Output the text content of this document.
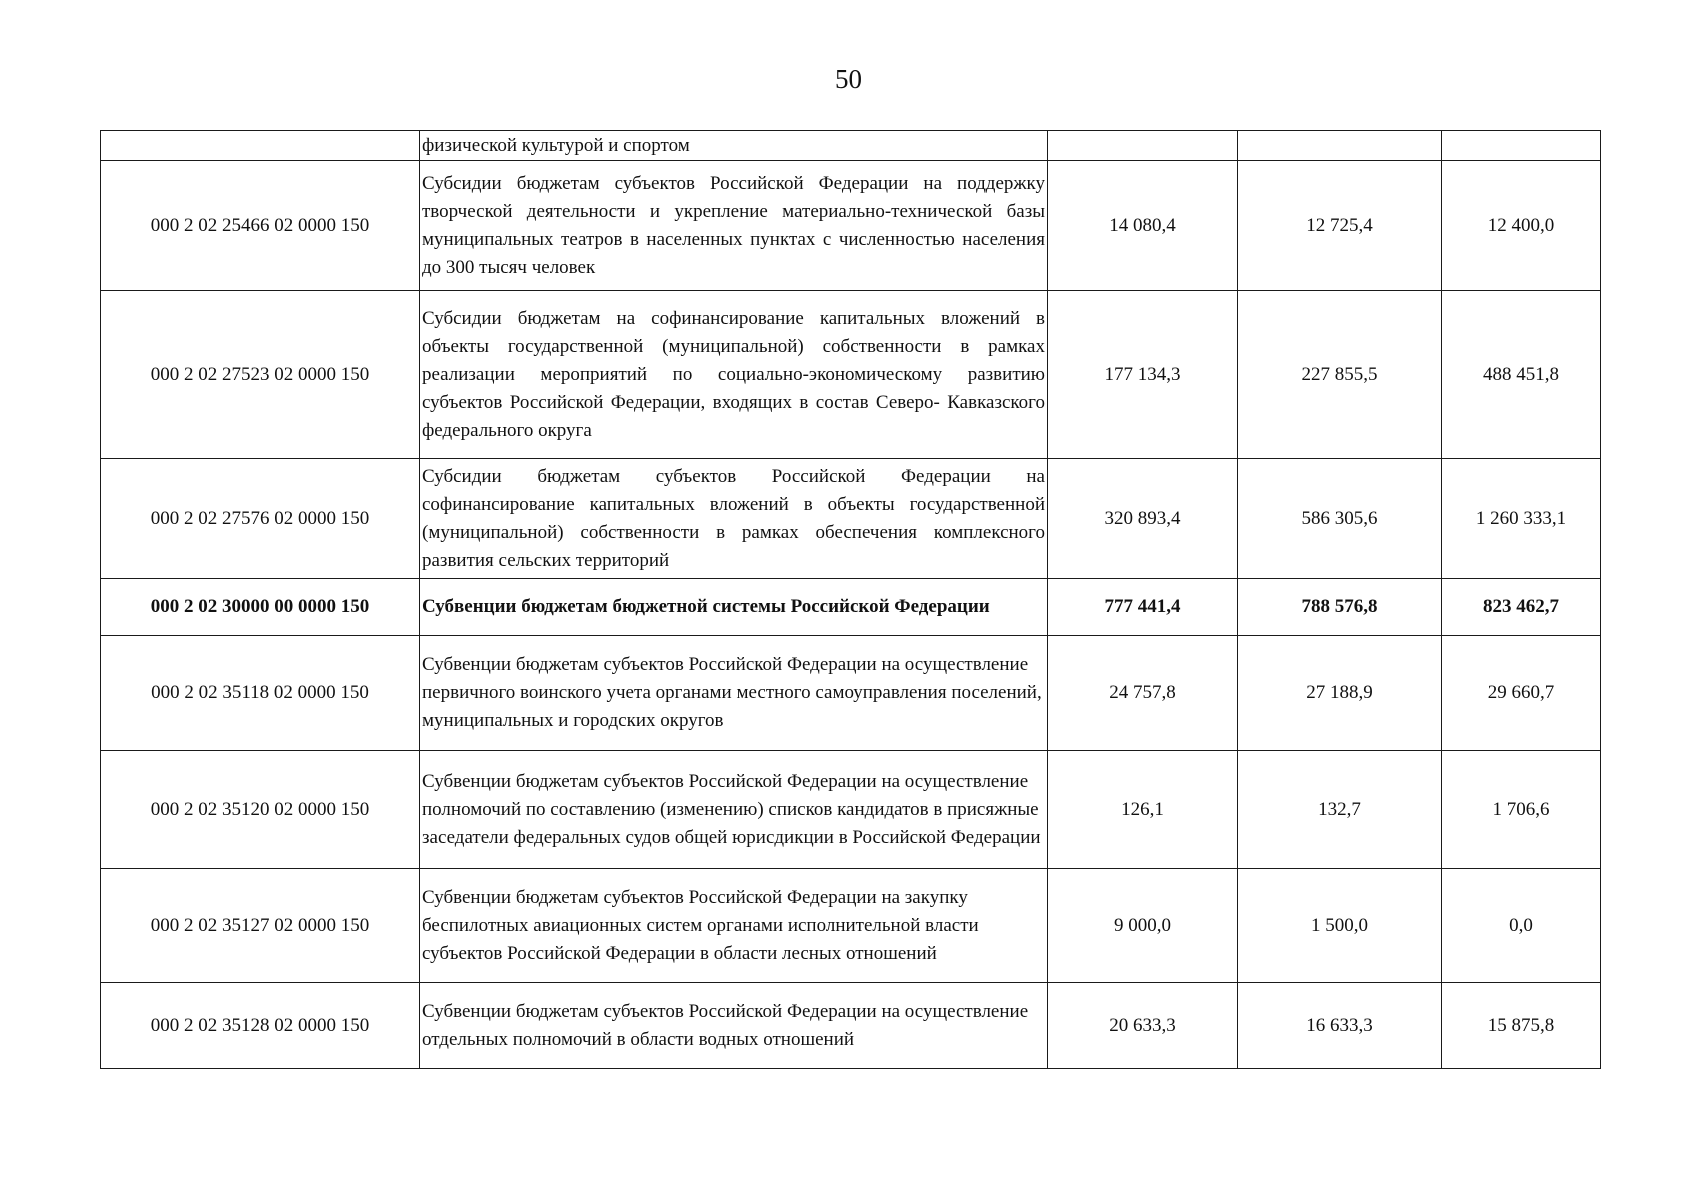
50
	физической культурой и спортом			
000 2 02 25466 02 0000 150	Субсидии бюджетам субъектов Российской Федерации на поддержку творческой деятельности и укрепление материально-технической базы муниципальных театров в населенных пунктах с численностью населения до 300 тысяч человек	14 080,4	12 725,4	12 400,0
000 2 02 27523 02 0000 150	Субсидии бюджетам на софинансирование капитальных вложений в объекты государственной (муниципальной) собственности в рамках реализации мероприятий по социально-экономическому развитию субъектов Российской Федерации, входящих в состав Северо- Кавказского федерального округа	177 134,3	227 855,5	488 451,8
000 2 02 27576 02 0000 150	Субсидии бюджетам субъектов Российской Федерации на софинансирование капитальных вложений в объекты государственной (муниципальной) собственности в рамках обеспечения комплексного развития сельских территорий	320 893,4	586 305,6	1 260 333,1
000 2 02 30000 00 0000 150	Субвенции бюджетам бюджетной системы Российской Федерации	777 441,4	788 576,8	823 462,7
000 2 02 35118 02 0000 150	Субвенции бюджетам субъектов Российской Федерации на осуществление первичного воинского учета органами местного самоуправления поселений, муниципальных и городских округов	24 757,8	27 188,9	29 660,7
000 2 02 35120 02 0000 150	Субвенции бюджетам субъектов Российской Федерации на осуществление полномочий по составлению (изменению) списков кандидатов в присяжные заседатели федеральных судов общей юрисдикции в Российской Федерации	126,1	132,7	1 706,6
000 2 02 35127 02 0000 150	Субвенции бюджетам субъектов Российской Федерации на закупку беспилотных авиационных систем органами исполнительной власти субъектов Российской Федерации в области лесных отношений	9 000,0	1 500,0	0,0
000 2 02 35128 02 0000 150	Субвенции бюджетам субъектов Российской Федерации на осуществление отдельных полномочий в области водных отношений	20 633,3	16 633,3	15 875,8
